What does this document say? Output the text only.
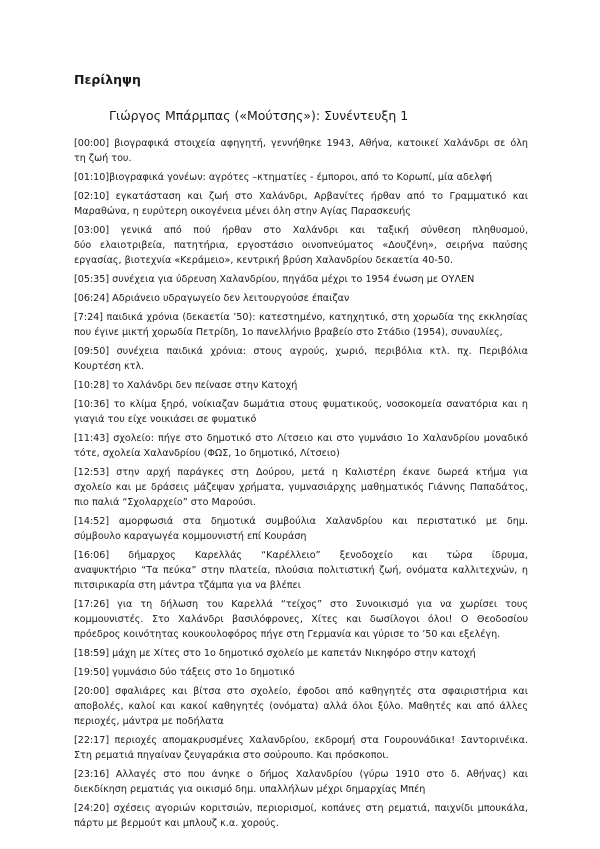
Περίληψη
Γιώργος Μπάρμπας («Μούτσης»): Συνέντευξη 1
[00:00] βιογραφικά στοιχεία αφηγητή, γεννήθηκε 1943, Αθήνα, κατοικεί Χαλάνδρι σε όλη
τη ζωή του.
[01:10]βιογραφικά γονέων: αγρότες –κτηματίες - έμποροι, από το Κορωπί, μία αδελφή
[02:10] εγκατάσταση και ζωή στο Χαλάνδρι, Αρβανίτες ήρθαν από το Γραμματικό και
Μαραθώνα, η ευρύτερη οικογένεια μένει όλη στην Αγίας Παρασκευής
[03:00] γενικά από πού ήρθαν στο Χαλάνδρι και ταξική σύνθεση πληθυσμού,
δύο ελαιοτριβεία, πατητήρια, εργοστάσιο οινοπνεύματος «Δουζένη», σειρήνα παύσης
εργασίας, βιοτεχνία «Κεράμειο», κεντρική βρύση Χαλανδρίου δεκαετία 40-50.
[05:35] συνέχεια για ύδρευση Χαλανδρίου, πηγάδα μέχρι το 1954 ένωση με ΟΥΛΕΝ
[06:24] Αδριάνειο υδραγωγείο δεν λειτουργούσε έπαιζαν
[7:24] παιδικά χρόνια (δεκαετία ’50): κατεστημένο, κατηχητικό, στη χορωδία της εκκλησίας
που έγινε μικτή χορωδία Πετρίδη, 1ο πανελλήνιο βραβείο στο Στάδιο (1954), συναυλίες,
[09:50] συνέχεια παιδικά χρόνια: στους αγρούς, χωριό, περιβόλια κτλ. πχ. Περιβόλια
Κουρτέση κτλ.
[10:28] το Χαλάνδρι δεν πείνασε στην Κατοχή
[10:36] το κλίμα ξηρό, νοίκιαζαν δωμάτια στους φυματικούς, νοσοκομεία σανατόρια και η
γιαγιά του είχε νοικιάσει σε φυματικό
[11:43] σχολείο: πήγε στο δημοτικό στο Λίτσειο και στο γυμνάσιο 1ο Χαλανδρίου μοναδικό
τότε, σχολεία Χαλανδρίου (ΦΩΣ, 1ο δημοτικό, Λίτσειο)
[12:53] στην αρχή παράγκες στη Δούρου, μετά η Καλιστέρη έκανε δωρεά κτήμα για
σχολείο και με δράσεις μάζεψαν χρήματα, γυμνασιάρχης μαθηματικός Γιάννης Παπαδάτος,
πιο παλιά “Σχολαρχείο” στο Μαρούσι.
[14:52] αμορφωσιά στα δημοτικά συμβούλια Χαλανδρίου και περιστατικό με δημ.
σύμβουλο καραγωγέα κομμουνιστή επί Κουράση
[16:06] δήμαρχος Καρελλάς “Καρέλλειο” ξενοδοχείο και τώρα ίδρυμα,
αναψυκτήριο “Τα πεύκα” στην πλατεία, πλούσια πολιτιστική ζωή, ονόματα καλλιτεχνών, η
πιτσιρικαρία στη μάντρα τζάμπα για να βλέπει
[17:26] για τη δήλωση του Καρελλά “τείχος” στο Συνοικισμό για να χωρίσει τους
κομμουνιστές. Στο Χαλάνδρι βασιλόφρονες, Χίτες και δωσίλογοι όλοι! Ο Θεοδοσίου
πρόεδρος κοινότητας κουκουλοφόρος πήγε στη Γερμανία και γύρισε το ’50 και εξελέγη.
[18:59] μάχη με Χίτες στο 1ο δημοτικό σχολείο με καπετάν Νικηφόρο στην κατοχή
[19:50] γυμνάσιο δύο τάξεις στο 1ο δημοτικό
[20:00] σφαλιάρες και βίτσα στο σχολείο, έφοδοι από καθηγητές στα σφαιριστήρια και
αποβολές, καλοί και κακοί καθηγητές (ονόματα) αλλά όλοι ξύλο. Μαθητές και από άλλες
περιοχές, μάντρα με ποδήλατα
[22:17] περιοχές απομακρυσμένες Χαλανδρίου, εκδρομή στα Γουρουνάδικα! Σαντορινέικα.
Στη ρεματιά πηγαίναν ζευγαράκια στο σούρουπο. Και πρόσκοποι.
[23:16] Αλλαγές στο που άνηκε ο δήμος Χαλανδρίου (γύρω 1910 στο δ. Αθήνας) και
διεκδίκηση ρεματιάς για οικισμό δημ. υπαλλήλων μέχρι δημαρχίας Μπέη
[24:20] σχέσεις αγοριών κοριτσιών, περιορισμοί, κοπάνες στη ρεματιά, παιχνίδι μπουκάλα,
πάρτυ με βερμούτ και μπλουζ κ.α. χορούς.
